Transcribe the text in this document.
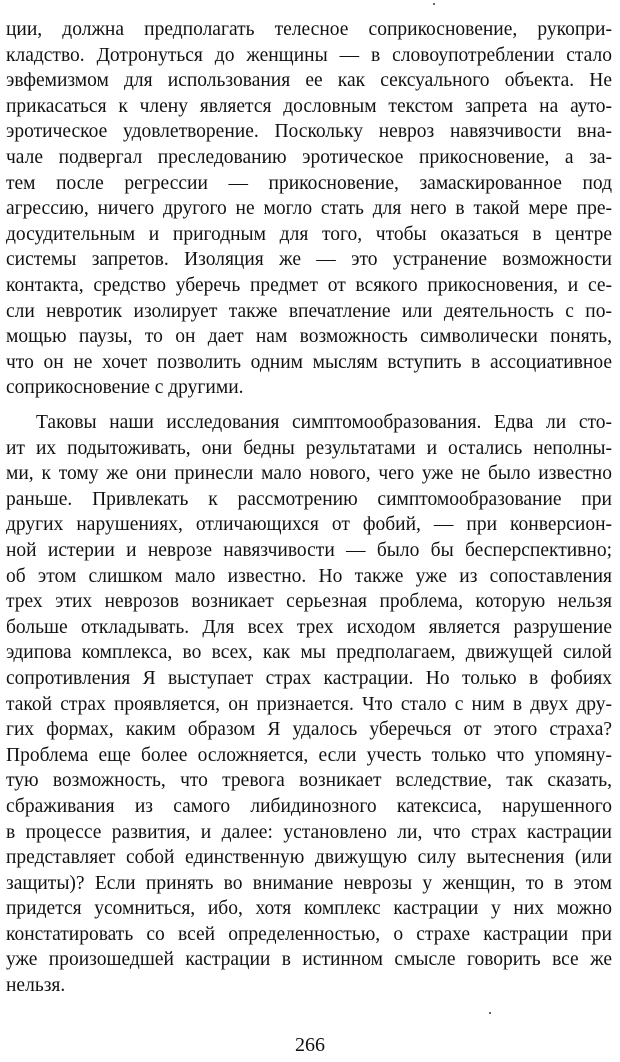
ции, должна предполагать телесное соприкосновение, рукопри-
кладство. Дотронуться до женщины — в словоупотреблении стало
эвфемизмом для использования ее как сексуального объекта. Не
прикасаться к члену является дословным текстом запрета на ауто-
эротическое удовлетворение. Поскольку невроз навязчивости вна-
чале подвергал преследованию эротическое прикосновение, а за-
тем после регрессии — прикосновение, замаскированное под
агрессию, ничего другого не могло стать для него в такой мере пре-
досудительным и пригодным для того, чтобы оказаться в центре
системы запретов. Изоляция же — это устранение возможности
контакта, средство уберечь предмет от всякого прикосновения, и се-
сли невротик изолирует также впечатление или деятельность с по-
мощью паузы, то он дает нам возможность символически понять,
что он не хочет позволить одним мыслям вступить в ассоциативное
соприкосновение с другими.
Таковы наши исследования симптомообразования. Едва ли сто-
ит их подытоживать, они бедны результатами и остались неполны-
ми, к тому же они принесли мало нового, чего уже не было известно
раньше. Привлекать к рассмотрению симптомообразование при
других нарушениях, отличающихся от фобий, — при конверсион-
ной истерии и неврозе навязчивости — было бы бесперспективно;
об этом слишком мало известно. Но также уже из сопоставления
трех этих неврозов возникает серьезная проблема, которую нельзя
больше откладывать. Для всех трех исходом является разрушение
эдипова комплекса, во всех, как мы предполагаем, движущей силой
сопротивления Я выступает страх кастрации. Но только в фобиях
такой страх проявляется, он признается. Что стало с ним в двух дру-
гих формах, каким образом Я удалось уберечься от этого страха?
Проблема еще более осложняется, если учесть только что упомяну-
тую возможность, что тревога возникает вследствие, так сказать,
сбраживания из самого либидинозного катексиса, нарушенного
в процессе развития, и далее: установлено ли, что страх кастрации
представляет собой единственную движущую силу вытеснения (или
защиты)? Если принять во внимание неврозы у женщин, то в этом
придется усомниться, ибо, хотя комплекс кастрации у них можно
констатировать со всей определенностью, о страхе кастрации при
уже произошедшей кастрации в истинном смысле говорить все же
нельзя.
266
